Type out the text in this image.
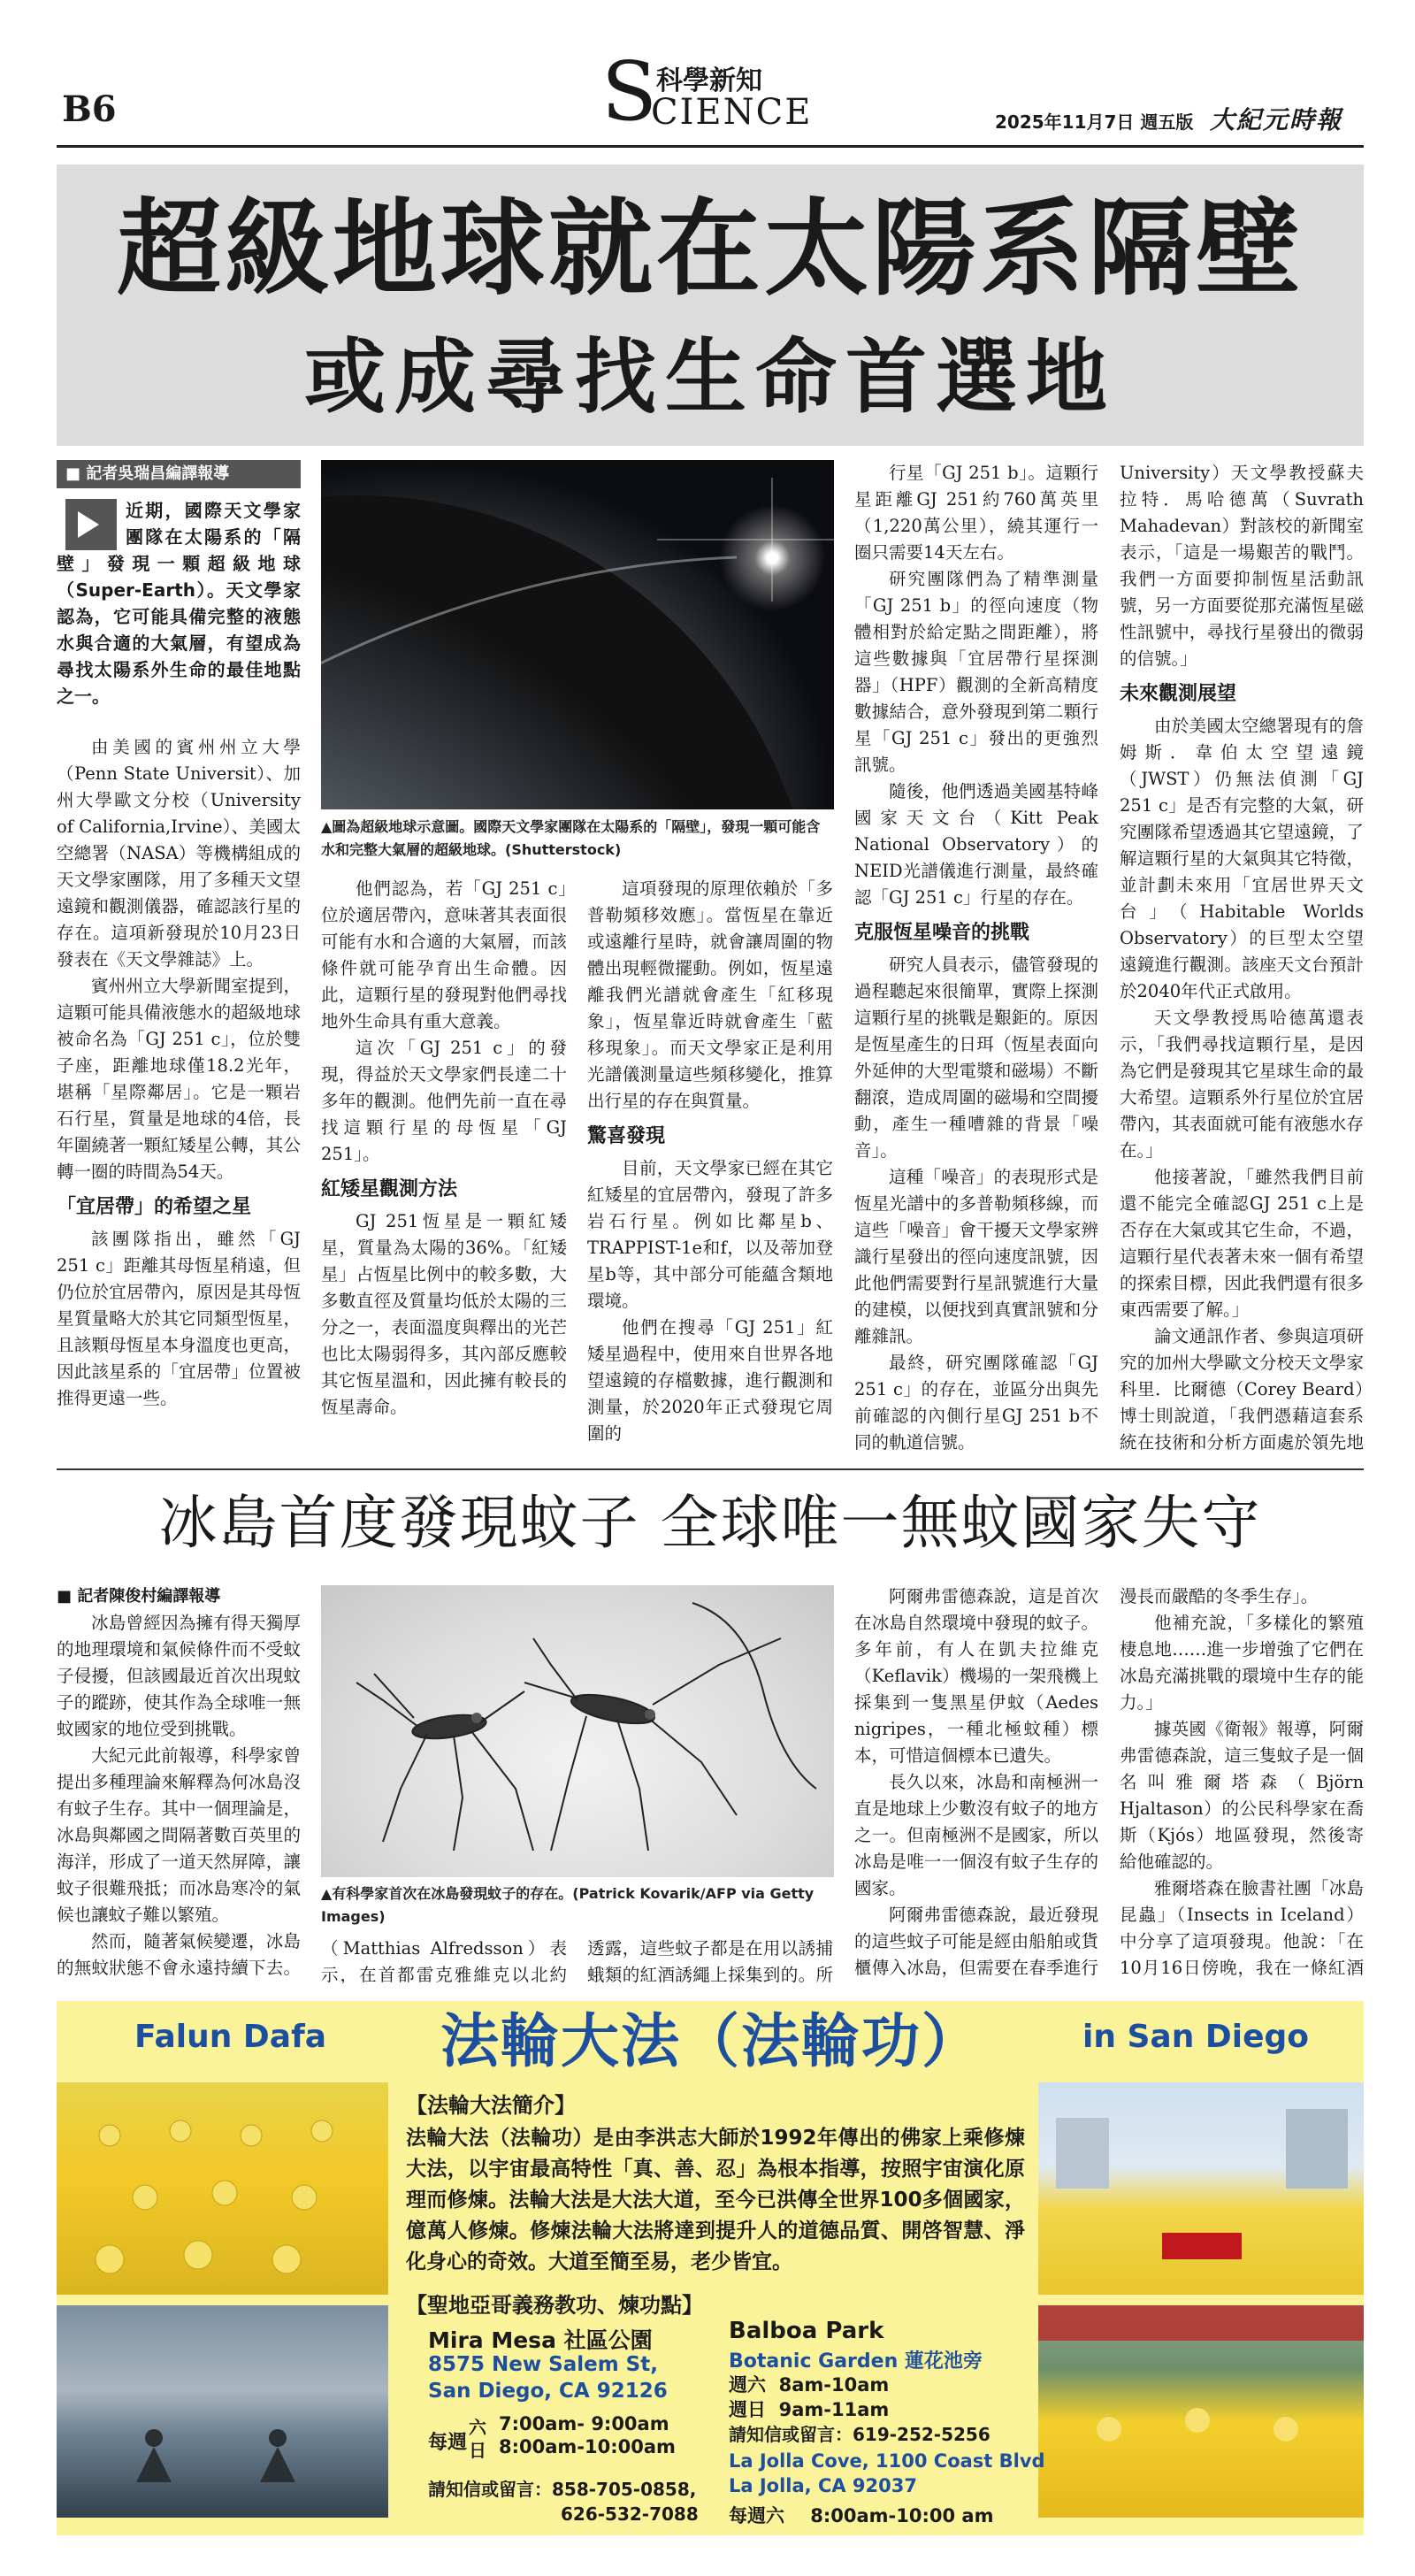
B6	S
科學新知
CIENCE	2025年11月7日 週五版 大紀元時報
超級地球就在太陽系隔壁
或成尋找生命首選地
■ 記者吳瑞昌編譯報導
近期，國際天文學家團隊在太陽系的「隔壁」發現一顆超級地球（Super-Earth）。天文學家認為，它可能具備完整的液態水與合適的大氣層，有望成為尋找太陽系外生命的最佳地點之一。
▲圖為超級地球示意圖。國際天文學家團隊在太陽系的「隔壁」，發現一顆可能含水和完整大氣層的超級地球。(Shutterstock)

由美國的賓州州立大學（Penn State Universit）、加州大學歐文分校（University of California,Irvine）、美國太空總署（NASA）等機構組成的天文學家團隊，用了多種天文望遠鏡和觀測儀器，確認該行星的存在。這項新發現於10月23日發表在《天文學雜誌》上。

賓州州立大學新聞室提到，這顆可能具備液態水的超級地球被命名為「GJ 251 c」，位於雙子座，距離地球僅18.2光年，堪稱「星際鄰居」。它是一顆岩石行星，質量是地球的4倍，長年圍繞著一顆紅矮星公轉，其公轉一圈的時間為54天。

「宜居帶」的希望之星

該團隊指出，雖然「GJ 251 c」距離其母恆星稍遠，但仍位於宜居帶內，原因是其母恆星質量略大於其它同類型恆星，且該顆母恆星本身溫度也更高，因此該星系的「宜居帶」位置被推得更遠一些。

他們認為，若「GJ 251 c」位於適居帶內，意味著其表面很可能有水和合適的大氣層，而該條件就可能孕育出生命體。因此，這顆行星的發現對他們尋找地外生命具有重大意義。

這次「GJ 251 c」的發現，得益於天文學家們長達二十多年的觀測。他們先前一直在尋找這顆行星的母恆星「GJ 251」。

紅矮星觀測方法

GJ 251恆星是一顆紅矮星，質量為太陽的36%。「紅矮星」占恆星比例中的較多數，大多數直徑及質量均低於太陽的三分之一，表面溫度與釋出的光芒也比太陽弱得多，其內部反應較其它恆星溫和，因此擁有較長的恆星壽命。

這項發現的原理依賴於「多普勒頻移效應」。當恆星在靠近或遠離行星時，就會讓周圍的物體出現輕微擺動。例如，恆星遠離我們光譜就會產生「紅移現象」，恆星靠近時就會產生「藍移現象」。而天文學家正是利用光譜儀測量這些頻移變化，推算出行星的存在與質量。

驚喜發現

目前，天文學家已經在其它紅矮星的宜居帶內，發現了許多岩石行星。例如比鄰星b、TRAPPIST-1e和f，以及蒂加登星b等，其中部分可能蘊含類地環境。

他們在搜尋「GJ 251」紅矮星過程中，使用來自世界各地望遠鏡的存檔數據，進行觀測和測量，於2020年正式發現它周圍的

行星「GJ 251 b」。這顆行星距離GJ 251約760萬英里（1,220萬公里），繞其運行一圈只需要14天左右。

研究團隊們為了精準測量「GJ 251 b」的徑向速度（物體相對於給定點之間距離），將這些數據與「宜居帶行星探測器」（HPF）觀測的全新高精度數據結合，意外發現到第二顆行星「GJ 251 c」發出的更強烈訊號。

隨後，他們透過美國基特峰國家天文台（Kitt Peak National Observatory）的NEID光譜儀進行測量，最終確認「GJ 251 c」行星的存在。

克服恆星噪音的挑戰

研究人員表示，儘管發現的過程聽起來很簡單，實際上探測這顆行星的挑戰是艱鉅的。原因是恆星產生的日珥（恆星表面向外延伸的大型電漿和磁場）不斷翻滾，造成周圍的磁場和空間擾動，產生一種嘈雜的背景「噪音」。

這種「噪音」的表現形式是恆星光譜中的多普勒頻移線，而這些「噪音」會干擾天文學家辨識行星發出的徑向速度訊號，因此他們需要對行星訊號進行大量的建模，以便找到真實訊號和分離雜訊。

最終，研究團隊確認「GJ 251 c」的存在，並區分出與先前確認的內側行星GJ 251 b不同的軌道信號。

University）天文學教授蘇夫拉特．馬哈德萬（Suvrath Mahadevan）對該校的新聞室表示，「這是一場艱苦的戰鬥。我們一方面要抑制恆星活動訊號，另一方面要從那充滿恆星磁性訊號中，尋找行星發出的微弱的信號。」

未來觀測展望

由於美國太空總署現有的詹姆斯．韋伯太空望遠鏡（JWST）仍無法偵測「GJ 251 c」是否有完整的大氣，研究團隊希望透過其它望遠鏡，了解這顆行星的大氣與其它特徵，並計劃未來用「宜居世界天文台」（Habitable Worlds Observatory）的巨型太空望遠鏡進行觀測。該座天文台預計於2040年代正式啟用。

天文學教授馬哈德萬還表示，「我們尋找這顆行星，是因為它們是發現其它星球生命的最大希望。這顆系外行星位於宜居帶內，其表面就可能有液態水存在。」

他接著說，「雖然我們目前還不能完全確認GJ 251 c上是否存在大氣或其它生命，不過，這顆行星代表著未來一個有希望的探索目標，因此我們還有很多東西需要了解。」

論文通訊作者、參與這項研究的加州大學歐文分校天文學家科里．比爾德（Corey Beard）博士則說道，「我們憑藉這套系統在技術和分析方面處於領先地

冰島首度發現蚊子 全球唯一無蚊國家失守
▲有科學家首次在冰島發現蚊子的存在。(Patrick Kovarik/AFP via Getty Images)
■ 記者陳俊村編譯報導

冰島曾經因為擁有得天獨厚的地理環境和氣候條件而不受蚊子侵擾，但該國最近首次出現蚊子的蹤跡，使其作為全球唯一無蚊國家的地位受到挑戰。

大紀元此前報導，科學家曾提出多種理論來解釋為何冰島沒有蚊子生存。其中一個理論是，冰島與鄰國之間隔著數百英里的海洋，形成了一道天然屏障，讓蚊子很難飛抵；而冰島寒冷的氣候也讓蚊子難以繁殖。

然而，隨著氣候變遷，冰島的無蚊狀態不會永遠持續下去。

（Matthias Alfredsson）表示，在首都雷克雅維克以北約

透露，這些蚊子都是在用以誘捕蛾類的紅酒誘繩上採集到的。所

阿爾弗雷德森說，這是首次在冰島自然環境中發現的蚊子。多年前，有人在凱夫拉維克（Keflavik）機場的一架飛機上採集到一隻黑星伊蚊（Aedes nigripes，一種北極蚊種）標本，可惜這個標本已遺失。

長久以來，冰島和南極洲一直是地球上少數沒有蚊子的地方之一。但南極洲不是國家，所以冰島是唯一一個沒有蚊子生存的國家。

阿爾弗雷德森說，最近發現的這些蚊子可能是經由船舶或貨櫃傳入冰島，但需要在春季進行

漫長而嚴酷的冬季生存」。

他補充說，「多樣化的繁殖棲息地……進一步增強了它們在冰島充滿挑戰的環境中生存的能力。」

據英國《衛報》報導，阿爾弗雷德森說，這三隻蚊子是一個名叫雅爾塔森（Björn Hjaltason）的公民科學家在喬斯（Kjós）地區發現，然後寄給他確認的。

雅爾塔森在臉書社團「冰島昆蟲」（Insects in Iceland）中分享了這項發現。他說：「在10月16日傍晚，我在一條紅酒

Falun Dafa	法輪大法（法輪功）	in San Diego
【法輪大法簡介】
法輪大法（法輪功）是由李洪志大師於1992年傳出的佛家上乘修煉大法，以宇宙最高特性「真、善、忍」為根本指導，按照宇宙演化原理而修煉。法輪大法是大法大道，至今已洪傳全世界100多個國家，億萬人修煉。修煉法輪大法將達到提升人的道德品質、開啓智慧、淨化身心的奇效。大道至簡至易，老少皆宜。
【聖地亞哥義務教功、煉功點】
Mira Mesa 社區公園
8575 New Salem St,
San Diego, CA 92126
每週
六
日
7:00am- 9:00am
8:00am-10:00am
請知信或留言：858-705-0858,
626-532-7088
Balboa Park
Botanic Garden 蓮花池旁
週六  8am-10am
週日  9am-11am
請知信或留言：619-252-5256
La Jolla Cove, 1100 Coast Blvd
La Jolla, CA 92037
每週六    8:00am-10:00 am
